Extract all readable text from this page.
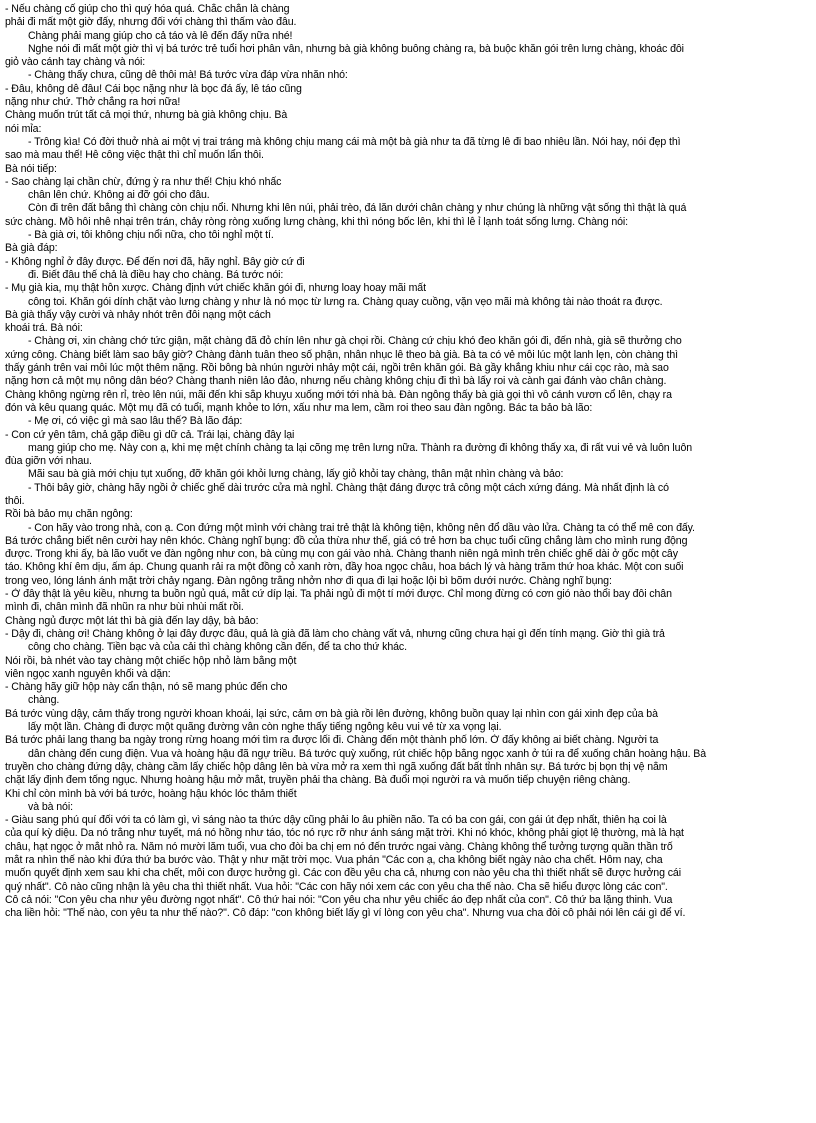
- Nếu chàng cố giúp cho thì quý hóa quá. Chắc chắn là chàng
phải đi mất một giờ đấy, nhưng đối với chàng thì thấm vào đâu.
Chàng phải mang giúp cho cả táo và lê đến đấy nữa nhé!
Nghe nói đi mất một giờ thì vị bá tước trẻ tuổi hơi phân vân, nhưng bà già không buông chàng ra, bà buộc khăn gói trên lưng chàng, khoác đôi
giỏ vào cánh tay chàng và nói:
- Chàng thấy chưa, cũng dễ thôi mà! Bá tước vừa đáp vừa nhăn nhó:
- Đâu, không dễ đâu! Cái bọc nặng như là bọc đá ấy, lê táo cũng
nặng như chứ. Thở chẳng ra hơi nữa!
Chàng muốn trút tất cả mọi thứ, nhưng bà già không chịu. Bà
nói mỉa:
- Trông kìa! Có đời thuở nhà ai một vị trai tráng mà không chịu mang cái mà một bà già như ta đã từng lê đi bao nhiêu lần. Nói hay, nói đẹp thì
sao mà mau thế! Hễ công việc thật thì chỉ muốn lẩn thôi.
Bà nói tiếp:
- Sao chàng lại chần chừ, đứng ỳ ra như thế! Chịu khó nhấc
chân lên chứ. Không ai đỡ gói cho đâu.
Còn đi trên đất bằng thì chàng còn chịu nổi. Nhưng khi lên núi, phải trèo, đá lăn dưới chân chàng y như chúng là những vật sống thì thật là quá
sức chàng. Mồ hôi nhễ nhại trên trán, chảy ròng ròng xuống lưng chàng, khi thì nóng bốc lên, khi thì lễ ỉ lạnh toát sống lưng. Chàng nói:
- Bà già ơi, tôi không chịu nổi nữa, cho tôi nghỉ một tí.
Bà già đáp:
- Không nghỉ ở đây được. Để đến nơi đã, hãy nghỉ. Bây giờ cứ đi
đi. Biết đâu thế chả là điều hay cho chàng. Bá tước nói:
- Mụ già kia, mụ thật hỗn xược. Chàng định vứt chiếc khăn gói đi, nhưng loay hoay mãi mất
công toi. Khăn gói dính chặt vào lưng chàng y như là nó mọc từ lưng ra. Chàng quay cuồng, vặn vẹo mãi mà không tài nào thoát ra được.
Bà già thấy vậy cười và nhảy nhót trên đôi nạng một cách
khoái trá. Bà nói:
- Chàng ơi, xin chàng chớ tức giận, mặt chàng đã đỏ chín lên như gà chọi rồi. Chàng cứ chịu khó đeo khăn gói đi, đến nhà, già sẽ thưởng cho
xứng công. Chàng biết làm sao bây giờ? Chàng đành tuân theo số phận, nhẫn nhục lê theo bà già. Bà ta có vẻ mỗi lúc một lanh lẹn, còn chàng thì
thấy gánh trên vai mỗi lúc một thêm nặng. Rồi bỗng bà nhún người nhảy một cái, ngồi trên khăn gói. Bà gầy khẳng khiu như cái cọc rào, mà sao
nặng hơn cả một mụ nông dân béo? Chàng thanh niên lảo đảo, nhưng nếu chàng không chịu đi thì bà lấy roi và cành gai đánh vào chân chàng.
Chàng không ngừng rên rỉ, trèo lên núi, mãi đến khi sắp khuỵu xuống mới tới nhà bà. Đàn ngỗng thấy bà già gọi thì vỗ cánh vươn cổ lên, chạy ra
đón và kêu quang quác. Một mụ đã có tuổi, mạnh khỏe to lớn, xấu như ma lem, cầm roi theo sau đàn ngỗng. Bác ta bảo bà lão:
- Mẹ ơi, có việc gì mà sao lâu thế? Bà lão đáp:
- Con cứ yên tâm, chả gặp điều gì dữ cả. Trái lại, chàng đây lại
mang giúp cho mẹ. Này con ạ, khi mẹ mệt chính chàng ta lại cõng mẹ trên lưng nữa. Thành ra đường đi không thấy xa, đi rất vui vẻ và luôn luôn
đùa giỡn với nhau.
Mãi sau bà già mới chịu tụt xuống, đỡ khăn gói khỏi lưng chàng, lấy giỏ khỏi tay chàng, thân mật nhìn chàng và bảo:
- Thôi bây giờ, chàng hãy ngồi ở chiếc ghế dài trước cửa mà nghỉ. Chàng thật đáng được trả công một cách xứng đáng. Mà nhất định là có
thôi.
Rồi bà bảo mụ chăn ngỗng:
- Con hãy vào trong nhà, con ạ. Con đứng một mình với chàng trai trẻ thật là không tiện, không nên đổ dầu vào lửa. Chàng ta có thể mê con đấy.
Bá tước chẳng biết nên cười hay nên khóc. Chàng nghĩ bụng: đồ của thừa như thế, giá có trẻ hơn ba chục tuổi cũng chẳng làm cho mình rung động
được. Trong khi ấy, bà lão vuốt ve đàn ngỗng như con, bà cùng mụ con gái vào nhà. Chàng thanh niên ngả mình trên chiếc ghế dài ở gốc một cây
táo. Không khí êm dịu, ấm áp. Chung quanh rải ra một đồng cỏ xanh rờn, đầy hoa ngọc châu, hoa bách lý và hàng trăm thứ hoa khác. Một con suối
trong veo, lóng lánh ánh mặt trời chảy ngang. Đàn ngỗng trắng nhởn nhơ đi qua đi lại hoặc lội bì bõm dưới nước. Chàng nghĩ bụng:
- Ở đây thật là yêu kiều, nhưng ta buồn ngủ quá, mắt cứ díp lại. Ta phải ngủ đi một tí mới được. Chỉ mong đừng có cơn gió nào thổi bay đôi chân
mình đi, chân mình đã nhũn ra như bùi nhùi mất rồi.
Chàng ngủ được một lát thì bà già đến lay dậy, bà bảo:
- Dậy đi, chàng ơi! Chàng không ở lại đây được đâu, quả là già đã làm cho chàng vất vả, nhưng cũng chưa hại gì đến tính mạng. Giờ thì già trả
công cho chàng. Tiền bạc và của cải thì chàng không cần đến, để ta cho thứ khác.
Nói rồi, bà nhét vào tay chàng một chiếc hộp nhỏ làm bằng một
viên ngọc xanh nguyên khối và dặn:
- Chàng hãy giữ hộp này cẩn thận, nó sẽ mang phúc đến cho
chàng.
Bá tước vùng dậy, cảm thấy trong người khoan khoái, lại sức, cảm ơn bà già rồi lên đường, không buồn quay lại nhìn con gái xinh đẹp của bà
lấy một lần. Chàng đi được một quãng đường vẫn còn nghe thấy tiếng ngỗng kêu vui vẻ từ xa vọng lại.
Bá tước phải lang thang ba ngày trong rừng hoang mới tìm ra được lối đi. Chàng đến một thành phố lớn. Ở đấy không ai biết chàng. Người ta
dẫn chàng đến cung điện. Vua và hoàng hậu đã ngự triều. Bá tước quỳ xuống, rút chiếc hộp bằng ngọc xanh ở túi ra để xuống chân hoàng hậu. Bà
truyền cho chàng đứng dậy, chàng cầm lấy chiếc hộp dâng lên bà vừa mở ra xem thì ngã xuống đất bất tỉnh nhân sự. Bá tước bị bọn thị vệ nắm
chặt lấy định đem tống ngục. Nhưng hoàng hậu mở mắt, truyền phải tha chàng. Bà đuổi mọi người ra và muốn tiếp chuyện riêng chàng.
Khi chỉ còn mình bà với bá tước, hoàng hậu khóc lóc thảm thiết
và bà nói:
- Giàu sang phú quí đối với ta có làm gì, vì sáng nào ta thức dậy cũng phải lo âu phiền não. Ta có ba con gái, con gái út đẹp nhất, thiên hạ coi là
của quí kỳ diệu. Da nó trắng như tuyết, má nó hồng như táo, tóc nó rực rỡ như ánh sáng mặt trời. Khi nó khóc, không phải giọt lệ thường, mà là hạt
châu, hạt ngọc ở mắt nhỏ ra. Năm nó mười lăm tuổi, vua cho đòi ba chị em nó đến trước ngai vàng. Chàng không thể tưởng tượng quần thần trố
mắt ra nhìn thế nào khi đứa thứ ba bước vào. Thật y như mặt trời mọc. Vua phán "Các con ạ, cha không biết ngày nào cha chết. Hôm nay, cha
muốn quyết định xem sau khi cha chết, mỗi con được hưởng gì. Các con đều yêu cha cả, nhưng con nào yêu cha thì thiết nhất sẽ được hưởng cái
quý nhất". Cô nào cũng nhận là yêu cha thì thiết nhất. Vua hỏi: "Các con hãy nói xem các con yêu cha thế nào. Cha sẽ hiểu được lòng các con".
Cô cả nói: "Con yêu cha như yêu đường ngọt nhất". Cô thứ hai nói: "Con yêu cha như yêu chiếc áo đẹp nhất của con". Cô thứ ba lặng thinh. Vua
cha liền hỏi: "Thế nào, con yêu ta như thế nào?". Cô đáp: "con không biết lấy gì ví lòng con yêu cha". Nhưng vua cha đòi cô phải nói lên cái gì để ví.
